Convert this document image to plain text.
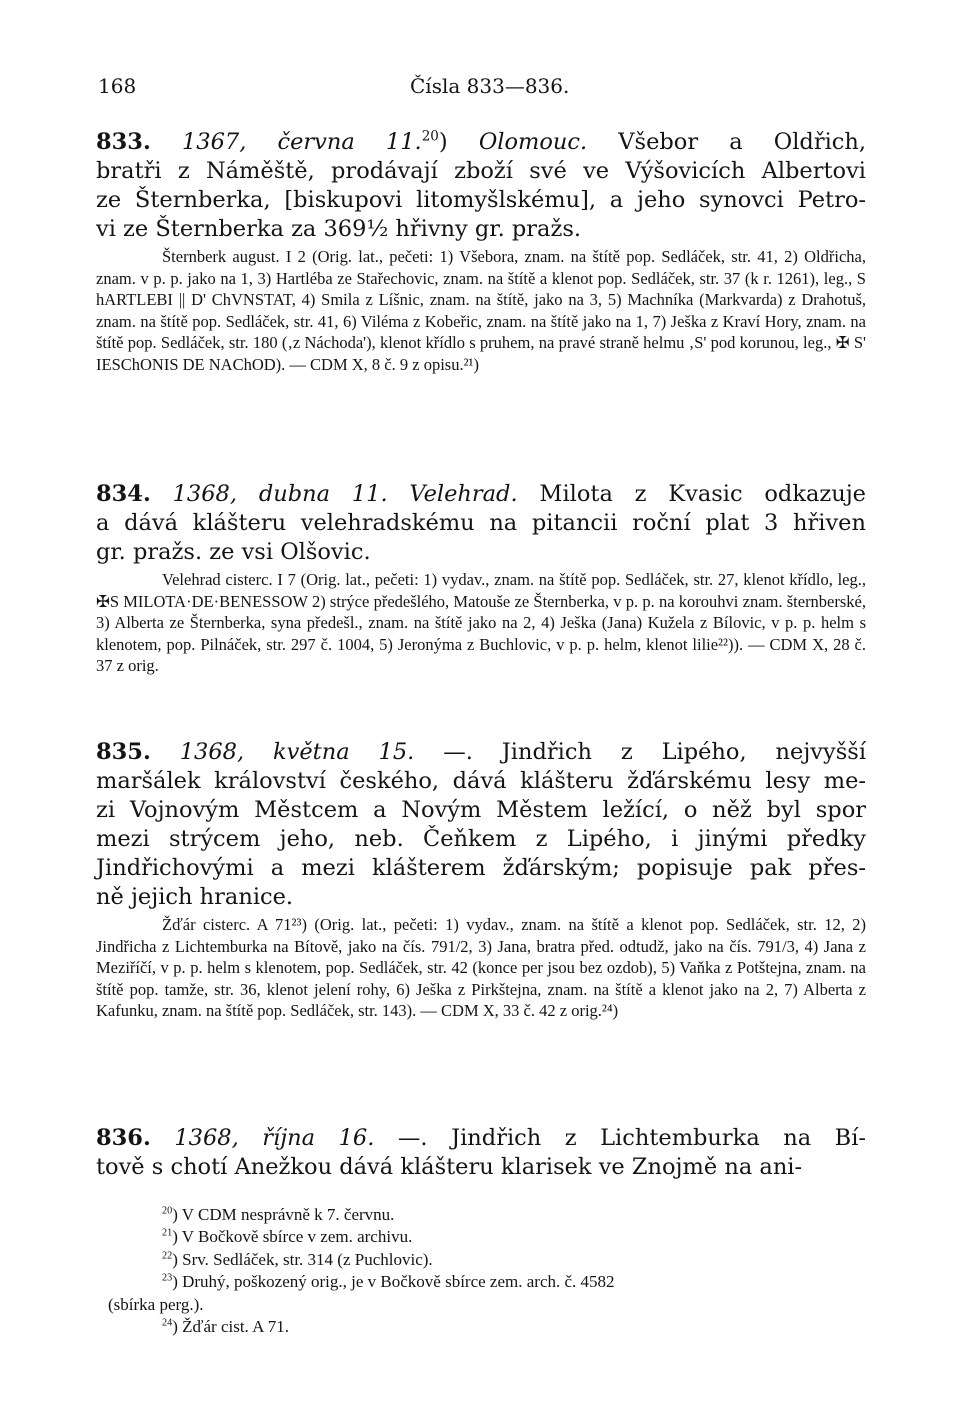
168	Čísla 833—836.

833. 1367, června 11.20) Olomouc. Všebor a Oldřich,

bratři z Náměště, prodávají zboží své ve Výšovicích Albertovi

ze Šternberka, [biskupovi litomyšlskému], a jeho synovci Petro-

vi ze Šternberka za 369½ hřivny gr. pražs.

Šternberk august. I 2 (Orig. lat., pečeti: 1) Všebora, znam. na štítě pop. Sedláček, str. 41, 2) Oldřicha, znam. v p. p. jako na 1, 3) Hartléba ze Stařechovic, znam. na štítě a klenot pop. Sedláček, str. 37 (k r. 1261), leg., S hARTLEBI || D' ChVNSTAT, 4) Smila z Líšnic, znam. na štítě, jako na 3, 5) Machníka (Markvarda) z Drahotuš, znam. na štítě pop. Sedláček, str. 41, 6) Viléma z Kobeřic, znam. na štítě jako na 1, 7) Ješka z Kraví Hory, znam. na štítě pop. Sedláček, str. 180 (‚z Náchoda'), klenot křídlo s pruhem, na pravé straně helmu ‚S' pod korunou, leg., ✠ S' IESChONIS DE NAChOD). — CDM X, 8 č. 9 z opisu.²¹)

834. 1368, dubna 11. Velehrad. Milota z Kvasic odkazuje

a dává klášteru velehradskému na pitancii roční plat 3 hřiven

gr. pražs. ze vsi Olšovic.

Velehrad cisterc. I 7 (Orig. lat., pečeti: 1) vydav., znam. na štítě pop. Sedláček, str. 27, klenot křídlo, leg., ✠S MILOTA·DE·BENESSOW 2) strýce předešlého, Matouše ze Šternberka, v p. p. na korouhvi znam. šternberské, 3) Alberta ze Šternberka, syna předešl., znam. na štítě jako na 2, 4) Ješka (Jana) Kužela z Bílovic, v p. p. helm s klenotem, pop. Pilnáček, str. 297 č. 1004, 5) Jeronýma z Buchlovic, v p. p. helm, klenot lilie²²)). — CDM X, 28 č. 37 z orig.

835. 1368, května 15. —. Jindřich z Lipého, nejvyšší

maršálek království českého, dává klášteru žďárskému lesy me-

zi Vojnovým Městcem a Novým Městem ležící, o něž byl spor

mezi strýcem jeho, neb. Čeňkem z Lipého, i jinými předky

Jindřichovými a mezi klášterem žďárským; popisuje pak přes-

ně jejich hranice.

Žďár cisterc. A 71²³) (Orig. lat., pečeti: 1) vydav., znam. na štítě a klenot pop. Sedláček, str. 12, 2) Jindřicha z Lichtemburka na Bítově, jako na čís. 791/2, 3) Jana, bratra před. odtudž, jako na čís. 791/3, 4) Jana z Meziříčí, v p. p. helm s klenotem, pop. Sedláček, str. 42 (konce per jsou bez ozdob), 5) Vaňka z Potštejna, znam. na štítě pop. tamže, str. 36, klenot jelení rohy, 6) Ješka z Pirkštejna, znam. na štítě a klenot jako na 2, 7) Alberta z Kafunku, znam. na štítě pop. Sedláček, str. 143). — CDM X, 33 č. 42 z orig.²⁴)

836. 1368, října 16. —. Jindřich z Lichtemburka na Bí-

tově s chotí Anežkou dává klášteru klarisek ve Znojmě na ani-

$^{20}$) V CDM nesprávně k 7. červnu.

$^{21}$) V Bočkově sbírce v zem. archivu.

$^{22}$) Srv. Sedláček, str. 314 (z Puchlovic).

$^{23}$) Druhý, poškozený orig., je v Bočkově sbírce zem. arch. č. 4582

(sbírka perg.).

$^{24}$) Žďár cist. A 71.
